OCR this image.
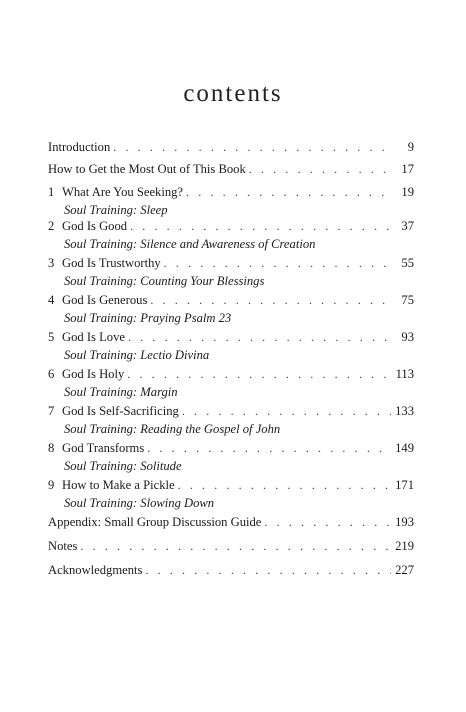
contents
Introduction . . .	9
How to Get the Most Out of This Book . . .	17
1 What Are You Seeking? . . .	19
Soul Training: Sleep
2 God Is Good . . .	37
Soul Training: Silence and Awareness of Creation
3 God Is Trustworthy . . .	55
Soul Training: Counting Your Blessings
4 God Is Generous . . .	75
Soul Training: Praying Psalm 23
5 God Is Love . . .	93
Soul Training: Lectio Divina
6 God Is Holy . . .	113
Soul Training: Margin
7 God Is Self-Sacrificing . . .	133
Soul Training: Reading the Gospel of John
8 God Transforms . . .	149
Soul Training: Solitude
9 How to Make a Pickle . . .	171
Soul Training: Slowing Down
Appendix: Small Group Discussion Guide . . .	193
Notes . . .	219
Acknowledgments . . .	227
